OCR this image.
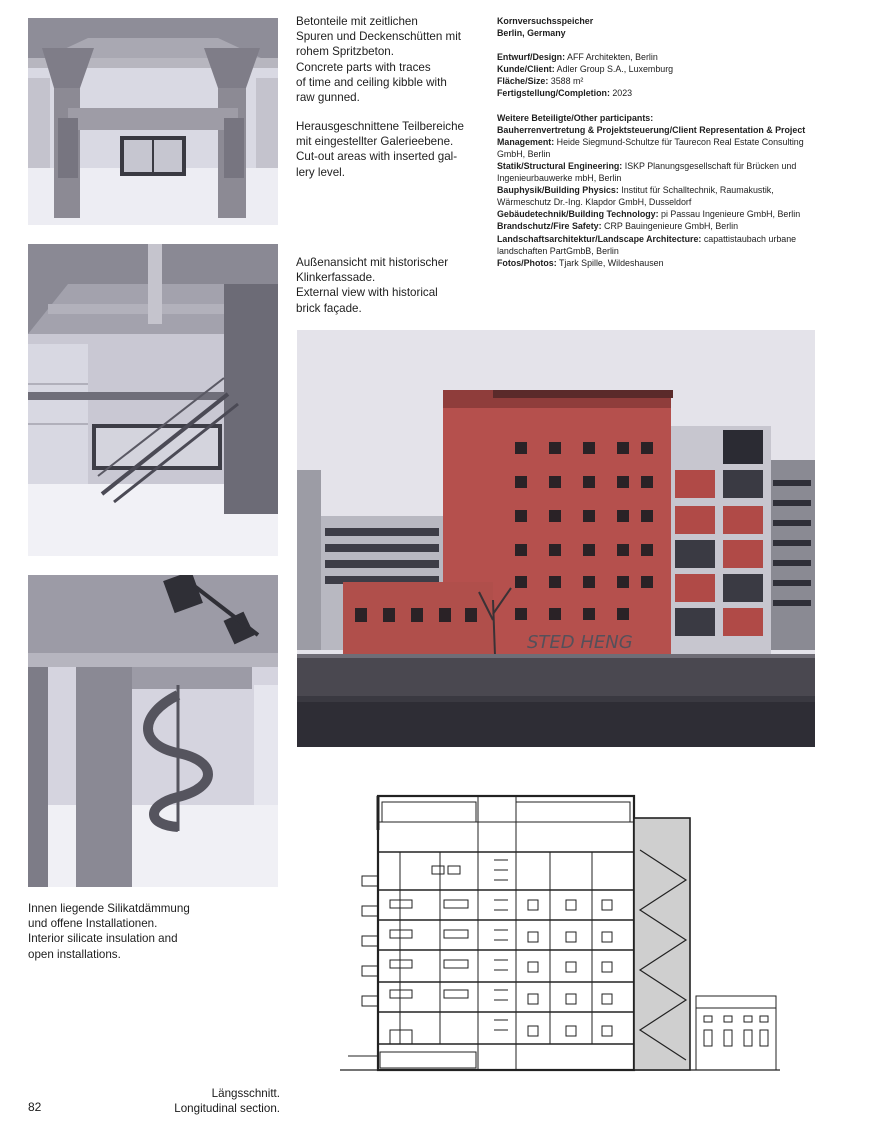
STED HENG

Betonteile mit zeitlichen

Spuren und Deckenschütten mit

rohem Spritzbeton.

Concrete parts with traces

of time and ceiling kibble with

raw gunned.

Herausgeschnittene Teilbereiche

mit eingestellter Galerieebene.

Cut-out areas with inserted gal-

lery level.

Außenansicht mit historischer

Klinkerfassade.

External view with historical

brick façade.

Innen liegende Silikatdämmung

und offene Installationen.

Interior silicate insulation and

open installations.

Längsschnitt.
Longitudinal section.
82
Kornversuchsspeicher
Berlin, Germany
Entwurf/Design: AFF Architekten, Berlin
Kunde/Client: Adler Group S.A., Luxemburg
Fläche/Size: 3588 m²
Fertigstellung/Completion: 2023
Weitere Beteiligte/Other participants:
Bauherrenvertretung & Projektsteuerung/Client Representation & Project Management: Heide Siegmund-Schultze für Taurecon Real Estate Consulting GmbH, Berlin
Statik/Structural Engineering: ISKP Planungsgesellschaft für Brücken und Ingenieurbauwerke mbH, Berlin
Bauphysik/Building Physics: Institut für Schalltechnik, Raumakustik, Wärmeschutz Dr.-Ing. Klapdor GmbH, Dusseldorf
Gebäudetechnik/Building Technology: pi Passau Ingenieure GmbH, Berlin
Brandschutz/Fire Safety: CRP Bauingenieure GmbH, Berlin
Landschaftsarchitektur/Landscape Architecture: capattistaubach urbane landschaften PartGmbB, Berlin
Fotos/Photos: Tjark Spille, Wildeshausen
